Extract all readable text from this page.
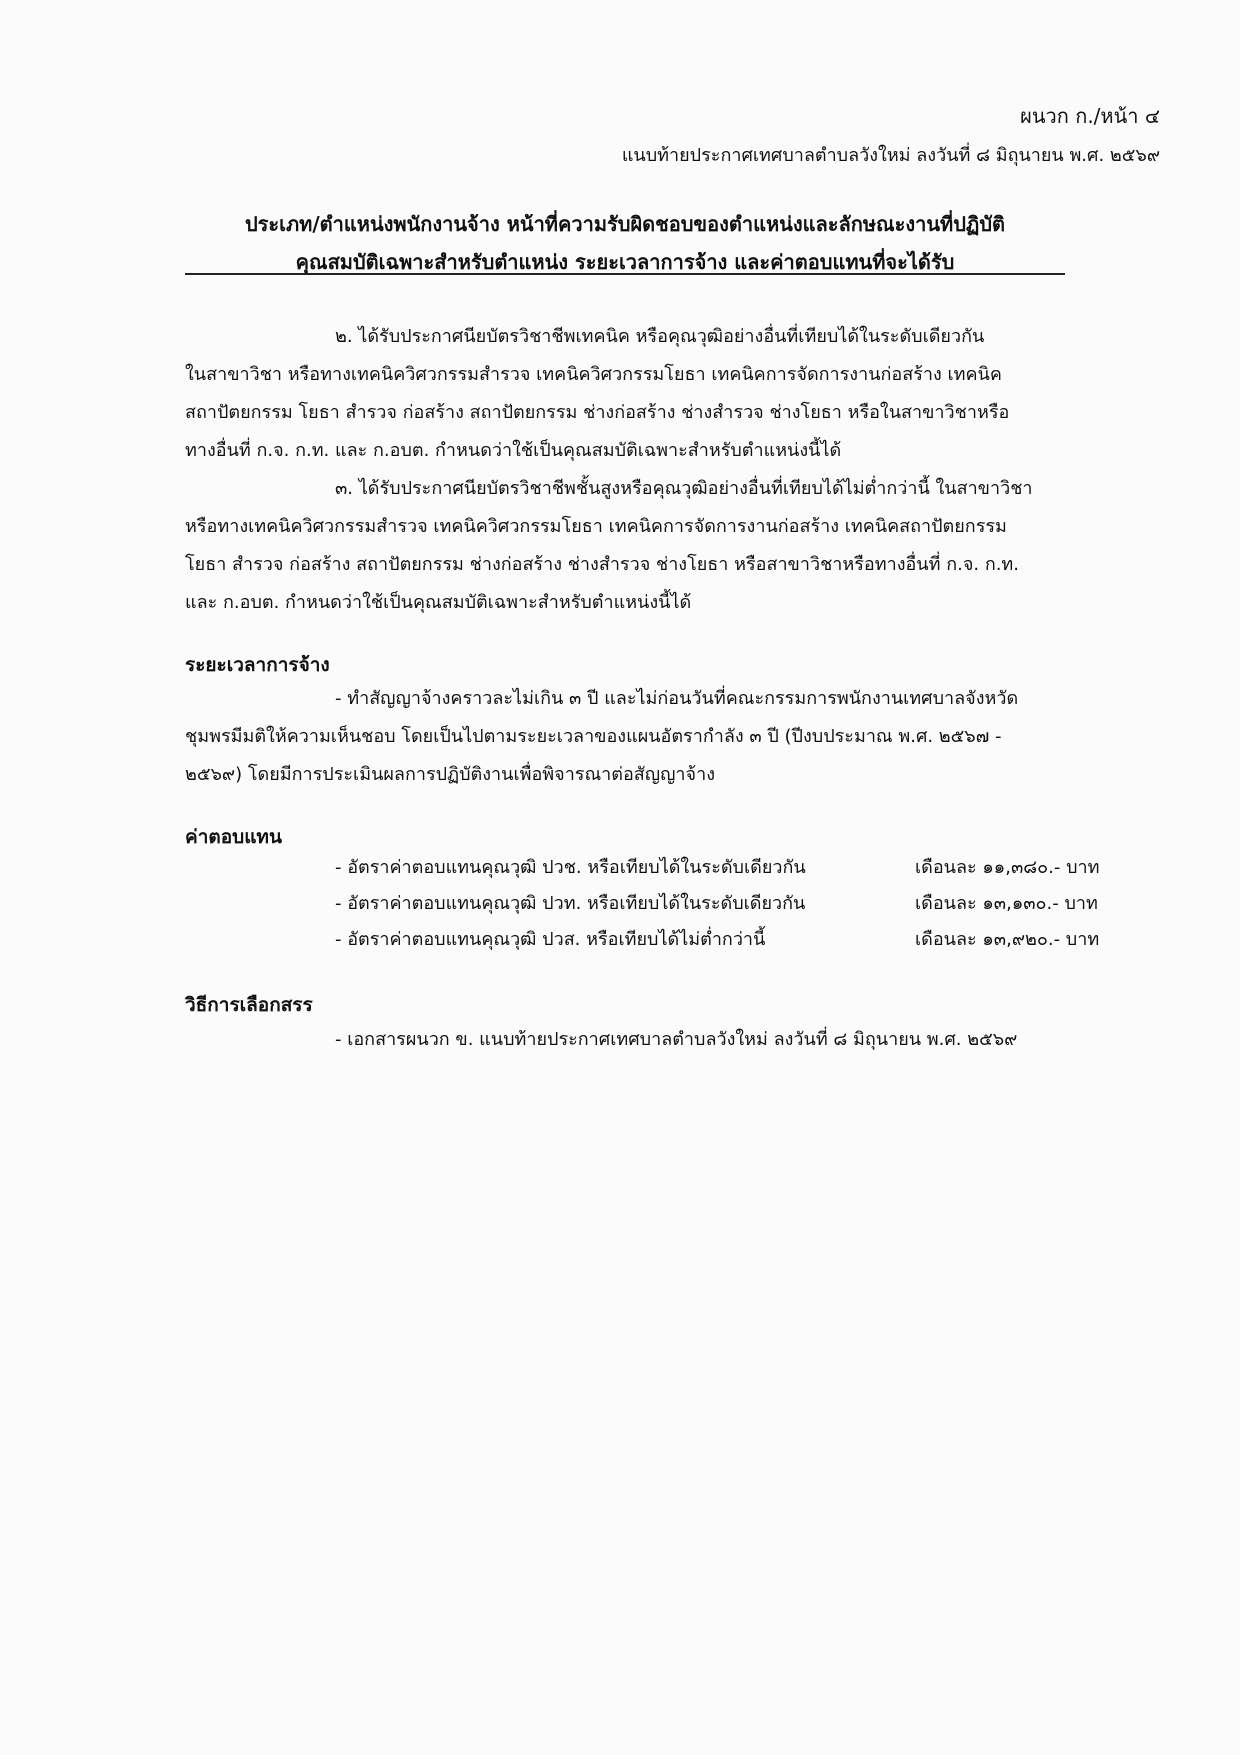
ผนวก ก./หน้า ๔
แนบท้ายประกาศเทศบาลตำบลวังใหม่ ลงวันที่ ๘ มิถุนายน พ.ศ. ๒๕๖๙
ประเภท/ตำแหน่งพนักงานจ้าง หน้าที่ความรับผิดชอบของตำแหน่งและลักษณะงานที่ปฏิบัติ
คุณสมบัติเฉพาะสำหรับตำแหน่ง ระยะเวลาการจ้าง และค่าตอบแทนที่จะได้รับ
๒. ได้รับประกาศนียบัตรวิชาชีพเทคนิค หรือคุณวุฒิอย่างอื่นที่เทียบได้ในระดับเดียวกัน
ในสาขาวิชา หรือทางเทคนิควิศวกรรมสำรวจ เทคนิควิศวกรรมโยธา เทคนิคการจัดการงานก่อสร้าง เทคนิค
สถาปัตยกรรม โยธา สำรวจ ก่อสร้าง สถาปัตยกรรม ช่างก่อสร้าง ช่างสำรวจ ช่างโยธา หรือในสาขาวิชาหรือ
ทางอื่นที่ ก.จ. ก.ท. และ ก.อบต. กำหนดว่าใช้เป็นคุณสมบัติเฉพาะสำหรับตำแหน่งนี้ได้
๓. ได้รับประกาศนียบัตรวิชาชีพชั้นสูงหรือคุณวุฒิอย่างอื่นที่เทียบได้ไม่ต่ำกว่านี้ ในสาขาวิชา
หรือทางเทคนิควิศวกรรมสำรวจ เทคนิควิศวกรรมโยธา เทคนิคการจัดการงานก่อสร้าง เทคนิคสถาปัตยกรรม
โยธา สำรวจ ก่อสร้าง สถาปัตยกรรม ช่างก่อสร้าง ช่างสำรวจ ช่างโยธา หรือสาขาวิชาหรือทางอื่นที่ ก.จ. ก.ท.
และ ก.อบต. กำหนดว่าใช้เป็นคุณสมบัติเฉพาะสำหรับตำแหน่งนี้ได้
ระยะเวลาการจ้าง
- ทำสัญญาจ้างคราวละไม่เกิน ๓ ปี และไม่ก่อนวันที่คณะกรรมการพนักงานเทศบาลจังหวัด
ชุมพรมีมติให้ความเห็นชอบ โดยเป็นไปตามระยะเวลาของแผนอัตรากำลัง ๓ ปี (ปีงบประมาณ พ.ศ. ๒๕๖๗ -
๒๕๖๙) โดยมีการประเมินผลการปฏิบัติงานเพื่อพิจารณาต่อสัญญาจ้าง
ค่าตอบแทน
- อัตราค่าตอบแทนคุณวุฒิ ปวช. หรือเทียบได้ในระดับเดียวกัน	เดือนละ ๑๑,๓๘๐.- บาท
- อัตราค่าตอบแทนคุณวุฒิ ปวท. หรือเทียบได้ในระดับเดียวกัน	เดือนละ ๑๓,๑๓๐.- บาท
- อัตราค่าตอบแทนคุณวุฒิ ปวส. หรือเทียบได้ไม่ต่ำกว่านี้	เดือนละ ๑๓,๙๒๐.- บาท
วิธีการเลือกสรร
- เอกสารผนวก ข. แนบท้ายประกาศเทศบาลตำบลวังใหม่ ลงวันที่ ๘ มิถุนายน พ.ศ. ๒๕๖๙
